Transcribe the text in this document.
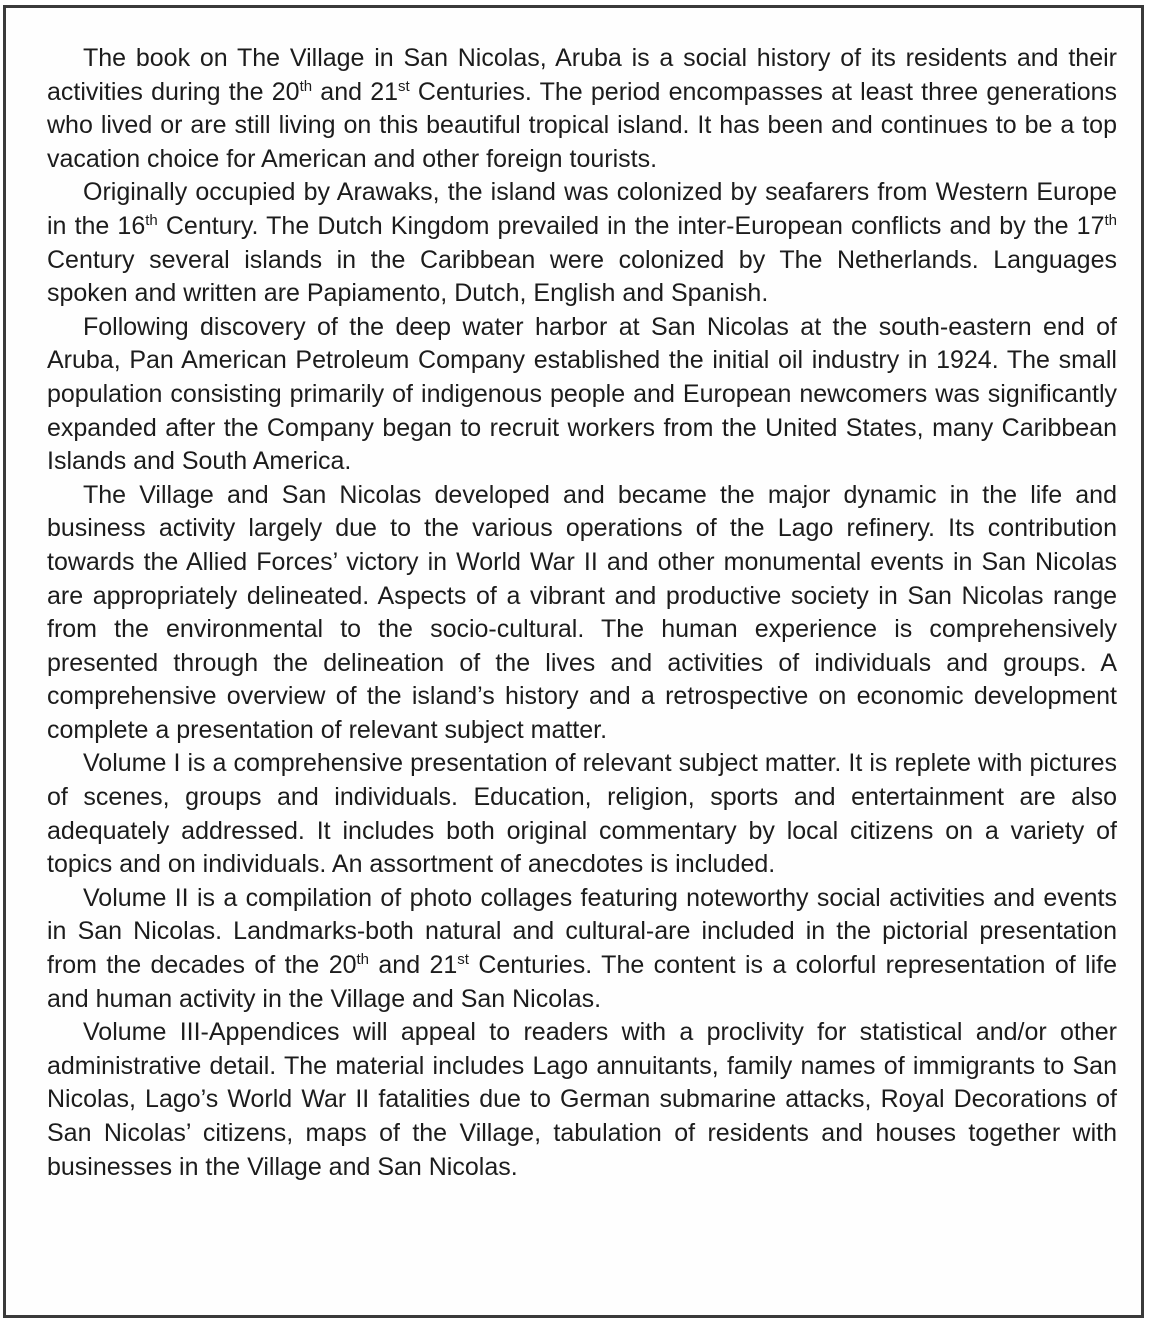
The book on The Village in San Nicolas, Aruba is a social history of its residents and their activities during the 20th and 21st Centuries. The period encompasses at least three generations who lived or are still living on this beautiful tropical island. It has been and continues to be a top vacation choice for American and other foreign tourists.

Originally occupied by Arawaks, the island was colonized by seafarers from Western Europe in the 16th Century. The Dutch Kingdom prevailed in the inter-European conflicts and by the 17th Century several islands in the Caribbean were colonized by The Netherlands. Languages spoken and written are Papiamento, Dutch, English and Spanish.

Following discovery of the deep water harbor at San Nicolas at the south-eastern end of Aruba, Pan American Petroleum Company established the initial oil industry in 1924. The small population consisting primarily of indigenous people and European newcomers was significantly expanded after the Company began to recruit workers from the United States, many Caribbean Islands and South America.

The Village and San Nicolas developed and became the major dynamic in the life and business activity largely due to the various operations of the Lago refinery. Its contribution towards the Allied Forces’ victory in World War II and other monumental events in San Nicolas are appropriately delineated. Aspects of a vibrant and productive society in San Nicolas range from the environmental to the socio-cultural. The human experience is comprehensively presented through the delineation of the lives and activities of individuals and groups. A comprehensive overview of the island’s history and a retrospective on economic development complete a presentation of relevant subject matter.

Volume I is a comprehensive presentation of relevant subject matter. It is replete with pictures of scenes, groups and individuals. Education, religion, sports and entertainment are also adequately addressed. It includes both original commentary by local citizens on a variety of topics and on individuals. An assortment of anecdotes is included.

Volume II is a compilation of photo collages featuring noteworthy social activities and events in San Nicolas. Landmarks-both natural and cultural-are included in the pictorial presentation from the decades of the 20th and 21st Centuries. The content is a colorful representation of life and human activity in the Village and San Nicolas.

Volume III-Appendices will appeal to readers with a proclivity for statistical and/or other administrative detail. The material includes Lago annuitants, family names of immigrants to San Nicolas, Lago’s World War II fatalities due to German submarine attacks, Royal Decorations of San Nicolas’ citizens, maps of the Village, tabulation of residents and houses together with businesses in the Village and San Nicolas.
